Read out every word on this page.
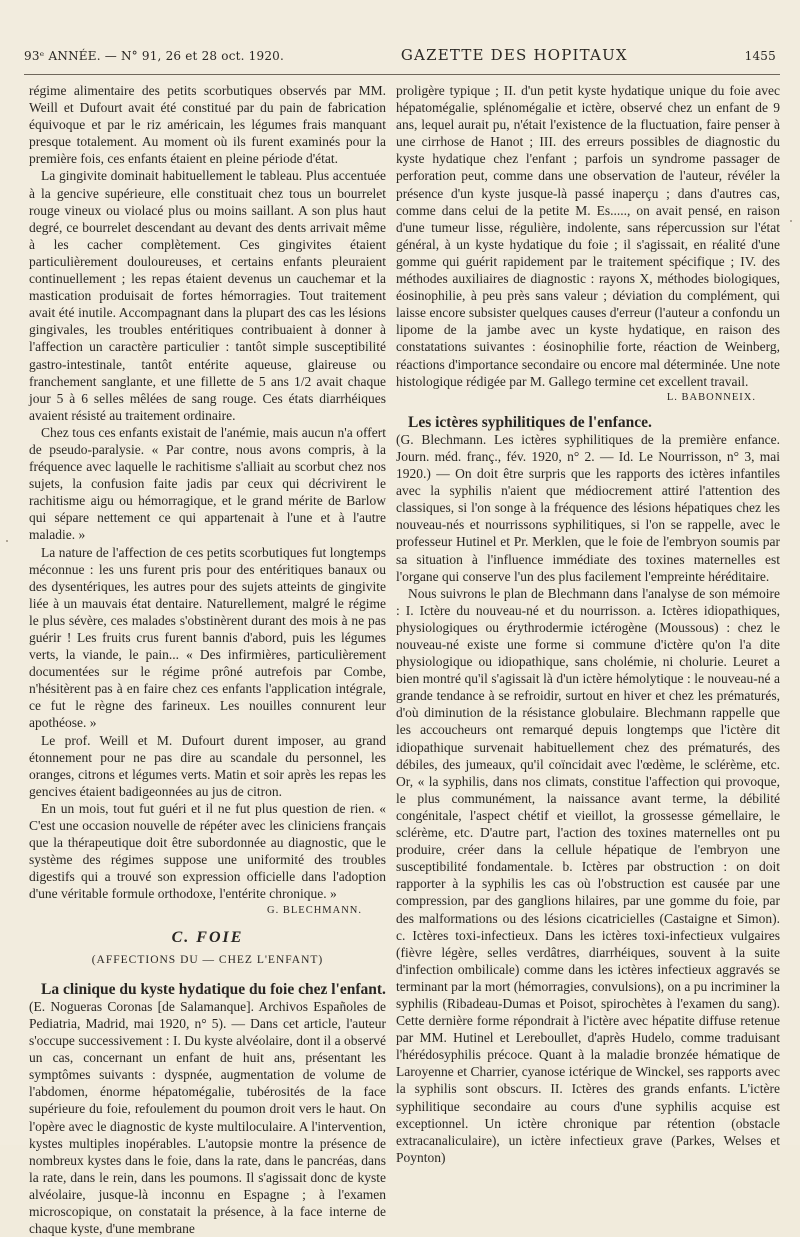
93ᵉ ANNÉE. — N° 91, 26 et 28 oct. 1920.	GAZETTE DES HOPITAUX	1455

régime alimentaire des petits scorbutiques observés par MM. Weill et Dufourt avait été constitué par du pain de fabrication équivoque et par le riz américain, les légumes frais manquant presque totalement. Au moment où ils furent examinés pour la première fois, ces enfants étaient en pleine période d'état.

La gingivite dominait habituellement le tableau. Plus accentuée à la gencive supérieure, elle constituait chez tous un bourrelet rouge vineux ou violacé plus ou moins saillant. A son plus haut degré, ce bourrelet descendant au devant des dents arrivait même à les cacher complètement. Ces gingivites étaient particulièrement douloureuses, et certains enfants pleuraient continuellement ; les repas étaient devenus un cauchemar et la mastication produisait de fortes hémorragies. Tout traitement avait été inutile. Accompagnant dans la plupart des cas les lésions gingivales, les troubles entéritiques contribuaient à donner à l'affection un caractère particulier : tantôt simple susceptibilité gastro-intestinale, tantôt entérite aqueuse, glaireuse ou franchement sanglante, et une fillette de 5 ans 1/2 avait chaque jour 5 à 6 selles mêlées de sang rouge. Ces états diarrhéiques avaient résisté au traitement ordinaire.

Chez tous ces enfants existait de l'anémie, mais aucun n'a offert de pseudo-paralysie. « Par contre, nous avons compris, à la fréquence avec laquelle le rachitisme s'alliait au scorbut chez nos sujets, la confusion faite jadis par ceux qui décrivirent le rachitisme aigu ou hémorragique, et le grand mérite de Barlow qui sépare nettement ce qui appartenait à l'une et à l'autre maladie. »

La nature de l'affection de ces petits scorbutiques fut longtemps méconnue : les uns furent pris pour des entéritiques banaux ou des dysentériques, les autres pour des sujets atteints de gingivite liée à un mauvais état dentaire. Naturellement, malgré le régime le plus sévère, ces malades s'obstinèrent durant des mois à ne pas guérir ! Les fruits crus furent bannis d'abord, puis les légumes verts, la viande, le pain... « Des infirmières, particulièrement documentées sur le régime prôné autrefois par Combe, n'hésitèrent pas à en faire chez ces enfants l'application intégrale, ce fut le règne des farineux. Les nouilles connurent leur apothéose. »

Le prof. Weill et M. Dufourt durent imposer, au grand étonnement pour ne pas dire au scandale du personnel, les oranges, citrons et légumes verts. Matin et soir après les repas les gencives étaient badigeonnées au jus de citron.

En un mois, tout fut guéri et il ne fut plus question de rien. « C'est une occasion nouvelle de répéter avec les cliniciens français que la thérapeutique doit être subordonnée au diagnostic, que le système des régimes suppose une uniformité des troubles digestifs qui a trouvé son expression officielle dans l'adoption d'une véritable formule orthodoxe, l'entérite chronique. »

G. BLECHMANN.
C. FOIE
(AFFECTIONS DU — CHEZ L'ENFANT)

La clinique du kyste hydatique du foie chez l'enfant.

(E. Nogueras Coronas [de Salamanque]. Archivos Españoles de Pediatria, Madrid, mai 1920, n° 5). — Dans cet article, l'auteur s'occupe successivement : I. Du kyste alvéolaire, dont il a observé un cas, concernant un enfant de huit ans, présentant les symptômes suivants : dyspnée, augmentation de volume de l'abdomen, énorme hépatomégalie, tubérosités de la face supérieure du foie, refoulement du poumon droit vers le haut. On l'opère avec le diagnostic de kyste multiloculaire. A l'intervention, kystes multiples inopérables. L'autopsie montre la présence de nombreux kystes dans le foie, dans la rate, dans le pancréas, dans la rate, dans le rein, dans les poumons. Il s'agissait donc de kyste alvéolaire, jusque-là inconnu en Espagne ; à l'examen microscopique, on constatait la présence, à la face interne de chaque kyste, d'une membrane

proligère typique ; II. d'un petit kyste hydatique unique du foie avec hépatomégalie, splénomégalie et ictère, observé chez un enfant de 9 ans, lequel aurait pu, n'était l'existence de la fluctuation, faire penser à une cirrhose de Hanot ; III. des erreurs possibles de diagnostic du kyste hydatique chez l'enfant ; parfois un syndrome passager de perforation peut, comme dans une observation de l'auteur, révéler la présence d'un kyste jusque-là passé inaperçu ; dans d'autres cas, comme dans celui de la petite M. Es....., on avait pensé, en raison d'une tumeur lisse, régulière, indolente, sans répercussion sur l'état général, à un kyste hydatique du foie ; il s'agissait, en réalité d'une gomme qui guérit rapidement par le traitement spécifique ; IV. des méthodes auxiliaires de diagnostic : rayons X, méthodes biologiques, éosinophilie, à peu près sans valeur ; déviation du complément, qui laisse encore subsister quelques causes d'erreur (l'auteur a confondu un lipome de la jambe avec un kyste hydatique, en raison des constatations suivantes : éosinophilie forte, réaction de Weinberg, réactions d'importance secondaire ou encore mal déterminée. Une note histologique rédigée par M. Gallego termine cet excellent travail.

L. BABONNEIX.

Les ictères syphilitiques de l'enfance.

(G. Blechmann. Les ictères syphilitiques de la première enfance. Journ. méd. franç., fév. 1920, n° 2. — Id. Le Nourrisson, n° 3, mai 1920.) — On doit être surpris que les rapports des ictères infantiles avec la syphilis n'aient que médiocrement attiré l'attention des classiques, si l'on songe à la fréquence des lésions hépatiques chez les nouveau-nés et nourrissons syphilitiques, si l'on se rappelle, avec le professeur Hutinel et Pr. Merklen, que le foie de l'embryon soumis par sa situation à l'influence immédiate des toxines maternelles est l'organe qui conserve l'un des plus facilement l'empreinte héréditaire.

Nous suivrons le plan de Blechmann dans l'analyse de son mémoire : I. Ictère du nouveau-né et du nourrisson. a. Ictères idiopathiques, physiologiques ou érythrodermie ictérogène (Moussous) : chez le nouveau-né existe une forme si commune d'ictère qu'on l'a dite physiologique ou idiopathique, sans cholémie, ni cholurie. Leuret a bien montré qu'il s'agissait là d'un ictère hémolytique : le nouveau-né a grande tendance à se refroidir, surtout en hiver et chez les prématurés, d'où diminution de la résistance globulaire. Blechmann rappelle que les accoucheurs ont remarqué depuis longtemps que l'ictère dit idiopathique survenait habituellement chez des prématurés, des débiles, des jumeaux, qu'il coïncidait avec l'œdème, le sclérème, etc. Or, « la syphilis, dans nos climats, constitue l'affection qui provoque, le plus communément, la naissance avant terme, la débilité congénitale, l'aspect chétif et vieillot, la grossesse gémellaire, le sclérème, etc. D'autre part, l'action des toxines maternelles ont pu produire, créer dans la cellule hépatique de l'embryon une susceptibilité fondamentale. b. Ictères par obstruction : on doit rapporter à la syphilis les cas où l'obstruction est causée par une compression, par des ganglions hilaires, par une gomme du foie, par des malformations ou des lésions cicatricielles (Castaigne et Simon). c. Ictères toxi-infectieux. Dans les ictères toxi-infectieux vulgaires (fièvre légère, selles verdâtres, diarrhéiques, souvent à la suite d'infection ombilicale) comme dans les ictères infectieux aggravés se terminant par la mort (hémorragies, convulsions), on a pu incriminer la syphilis (Ribadeau-Dumas et Poisot, spirochètes à l'examen du sang). Cette dernière forme répondrait à l'ictère avec hépatite diffuse retenue par MM. Hutinel et Lereboullet, d'après Hudelo, comme traduisant l'hérédosyphilis précoce. Quant à la maladie bronzée hématique de Laroyenne et Charrier, cyanose ictérique de Winckel, ses rapports avec la syphilis sont obscurs. II. Ictères des grands enfants. L'ictère syphilitique secondaire au cours d'une syphilis acquise est exceptionnel. Un ictère chronique par rétention (obstacle extracanaliculaire), un ictère infectieux grave (Parkes, Welses et Poynton)
